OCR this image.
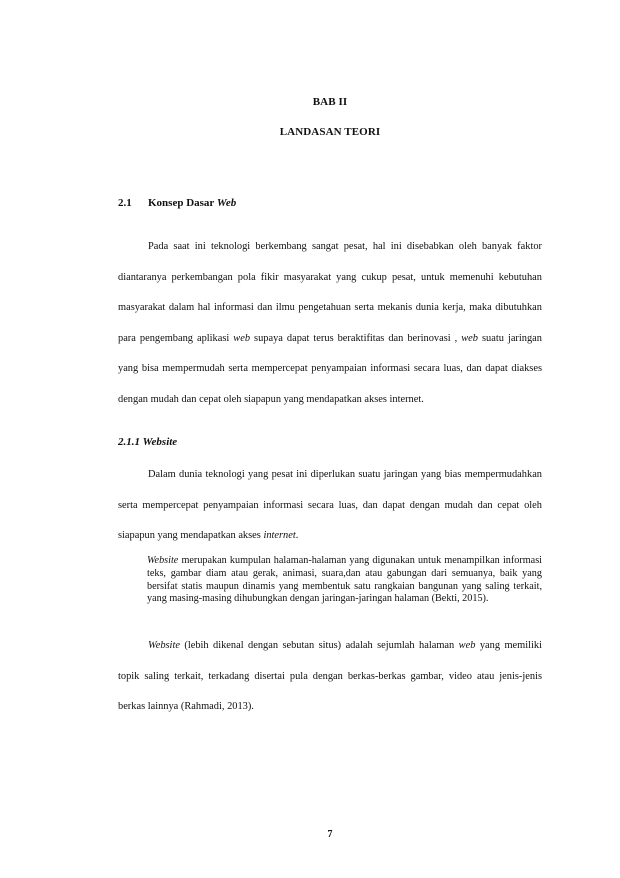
BAB II
LANDASAN TEORI
2.1 Konsep Dasar Web

Pada saat ini teknologi berkembang sangat pesat, hal ini disebabkan oleh banyak faktor diantaranya perkembangan pola fikir masyarakat yang cukup pesat, untuk memenuhi kebutuhan masyarakat dalam hal informasi dan ilmu pengetahuan serta mekanis dunia kerja, maka dibutuhkan para pengembang aplikasi web supaya dapat terus beraktifitas dan berinovasi , web suatu jaringan yang bisa mempermudah serta mempercepat penyampaian informasi secara luas, dan dapat diakses dengan mudah dan cepat oleh siapapun yang mendapatkan akses internet.

2.1.1 Website

Dalam dunia teknologi yang pesat ini diperlukan suatu jaringan yang bias mempermudahkan serta mempercepat penyampaian informasi secara luas, dan dapat dengan mudah dan cepat oleh siapapun yang mendapatkan akses internet.

Website merupakan kumpulan halaman-halaman yang digunakan untuk menampilkan informasi teks, gambar diam atau gerak, animasi, suara,dan atau gabungan dari semuanya, baik yang bersifat statis maupun dinamis yang membentuk satu rangkaian bangunan yang saling terkait, yang masing-masing dihubungkan dengan jaringan-jaringan halaman (Bekti, 2015).

Website (lebih dikenal dengan sebutan situs) adalah sejumlah halaman web yang memiliki topik saling terkait, terkadang disertai pula dengan berkas-berkas gambar, video atau jenis-jenis berkas lainnya (Rahmadi, 2013).

7
